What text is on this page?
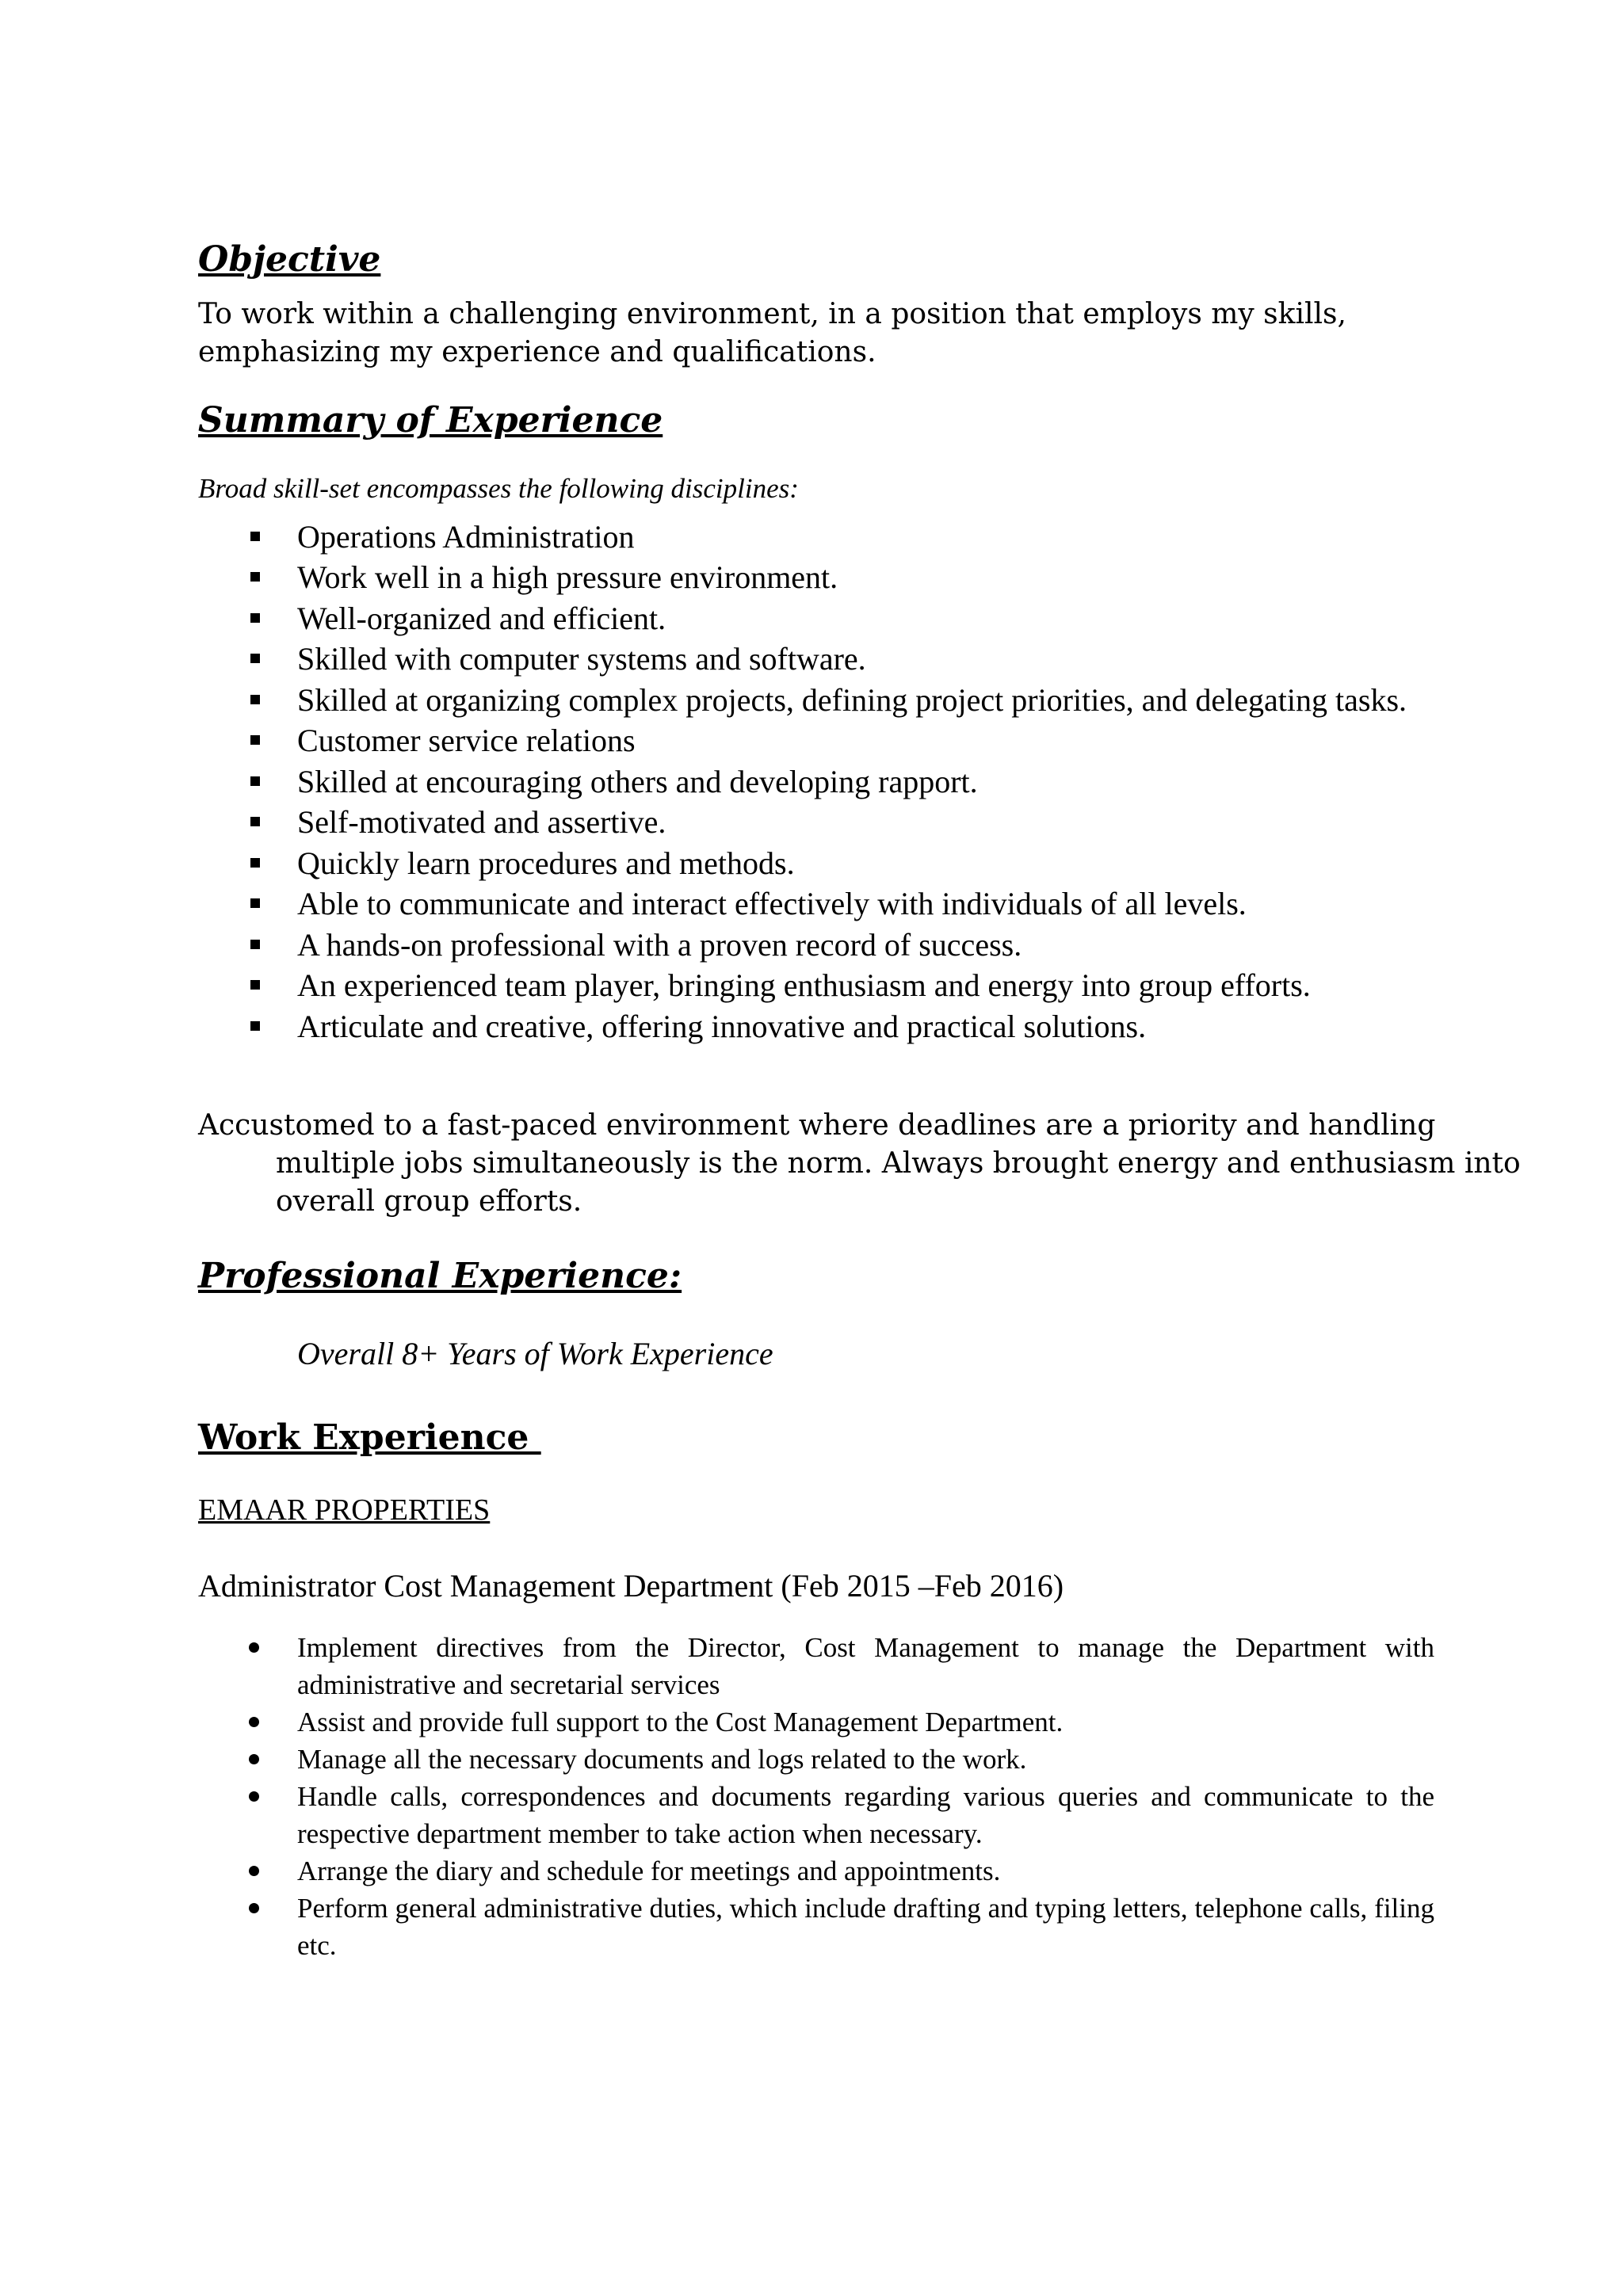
Objective

To work within a challenging environment, in a position that employs my skills, emphasizing my experience and qualifications.

Summary of Experience

Broad skill-set encompasses the following disciplines:

Operations Administration
Work well in a high pressure environment.
Well-organized and efficient.
Skilled with computer systems and software.
Skilled at organizing complex projects, defining project priorities, and delegating tasks.
Customer service relations
Skilled at encouraging others and developing rapport.
Self-motivated and assertive.
Quickly learn procedures and methods.
Able to communicate and interact effectively with individuals of all levels.
A hands-on professional with a proven record of success.
An experienced team player, bringing enthusiasm and energy into group efforts.
Articulate and creative, offering innovative and practical solutions.

Accustomed to a fast-paced environment where deadlines are a priority and handling multiple jobs simultaneously is the norm. Always brought energy and enthusiasm into overall group efforts.

Professional Experience:

Overall 8+ Years of Work Experience

Work Experience

EMAAR PROPERTIES

Administrator Cost Management Department (Feb 2015 –Feb 2016)

Implement directives from the Director, Cost Management to manage the Department with administrative and secretarial services
Assist and provide full support to the Cost Management Department.
Manage all the necessary documents and logs related to the work.
Handle calls, correspondences and documents regarding various queries and communicate to the respective department member to take action when necessary.
Arrange the diary and schedule for meetings and appointments.
Perform general administrative duties, which include drafting and typing letters, telephone calls, filing etc.
